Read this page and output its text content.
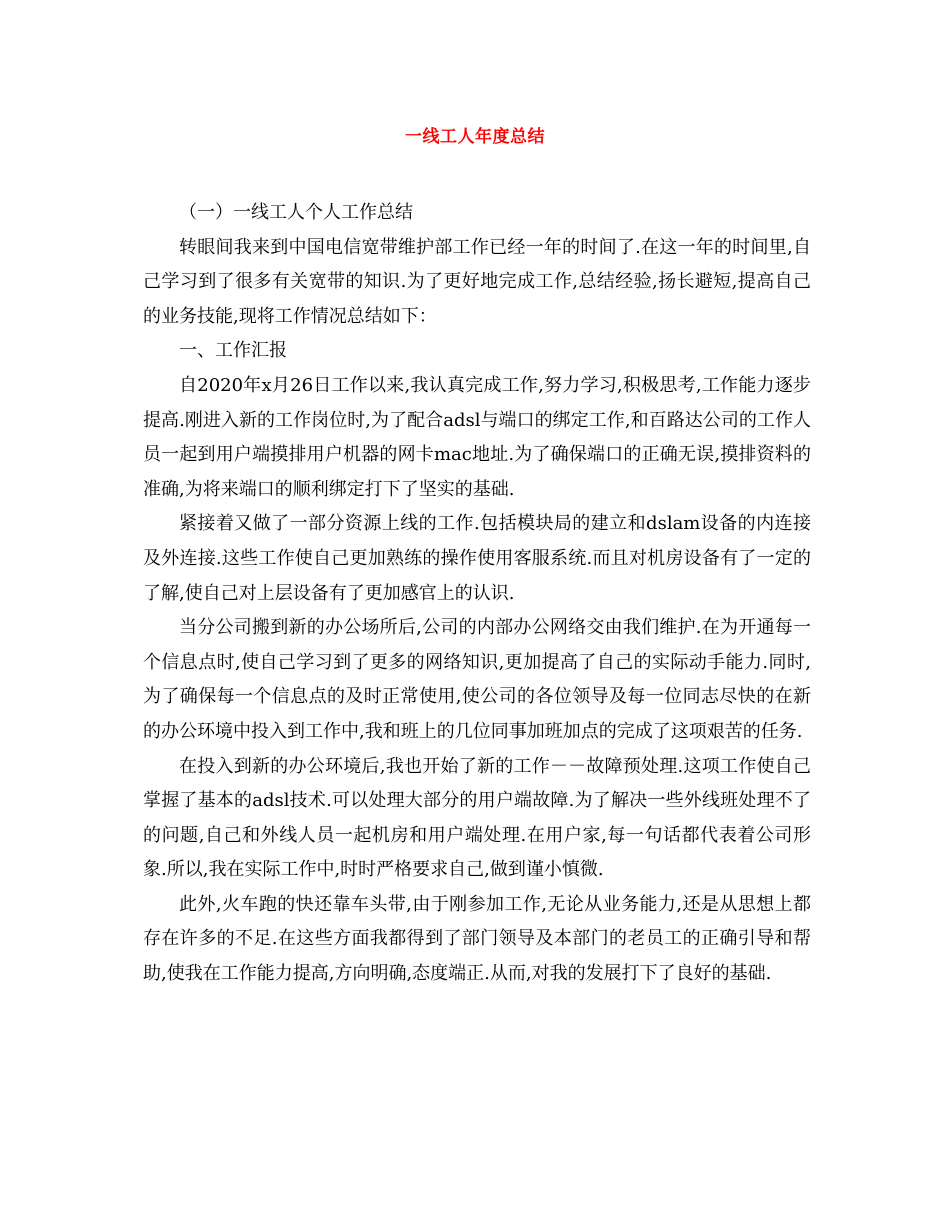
一线工人年度总结

（一）一线工人个人工作总结

转眼间我来到中国电信宽带维护部工作已经一年的时间了.在这一年的时间里,自己学习到了很多有关宽带的知识.为了更好地完成工作,总结经验,扬长避短,提高自己的业务技能,现将工作情况总结如下：

一、工作汇报

自2020年x月26日工作以来,我认真完成工作,努力学习,积极思考,工作能力逐步提高.刚进入新的工作岗位时,为了配合adsl与端口的绑定工作,和百路达公司的工作人员一起到用户端摸排用户机器的网卡mac地址.为了确保端口的正确无误,摸排资料的准确,为将来端口的顺利绑定打下了坚实的基础.

紧接着又做了一部分资源上线的工作.包括模块局的建立和dslam设备的内连接及外连接.这些工作使自己更加熟练的操作使用客服系统.而且对机房设备有了一定的了解,使自己对上层设备有了更加感官上的认识.

当分公司搬到新的办公场所后,公司的内部办公网络交由我们维护.在为开通每一个信息点时,使自己学习到了更多的网络知识,更加提高了自己的实际动手能力.同时,为了确保每一个信息点的及时正常使用,使公司的各位领导及每一位同志尽快的在新的办公环境中投入到工作中,我和班上的几位同事加班加点的完成了这项艰苦的任务.

在投入到新的办公环境后,我也开始了新的工作－－故障预处理.这项工作使自己掌握了基本的adsl技术.可以处理大部分的用户端故障.为了解决一些外线班处理不了的问题,自己和外线人员一起机房和用户端处理.在用户家,每一句话都代表着公司形象.所以,我在实际工作中,时时严格要求自己,做到谨小慎微.

此外,火车跑的快还靠车头带,由于刚参加工作,无论从业务能力,还是从思想上都存在许多的不足.在这些方面我都得到了部门领导及本部门的老员工的正确引导和帮助,使我在工作能力提高,方向明确,态度端正.从而,对我的发展打下了良好的基础.
